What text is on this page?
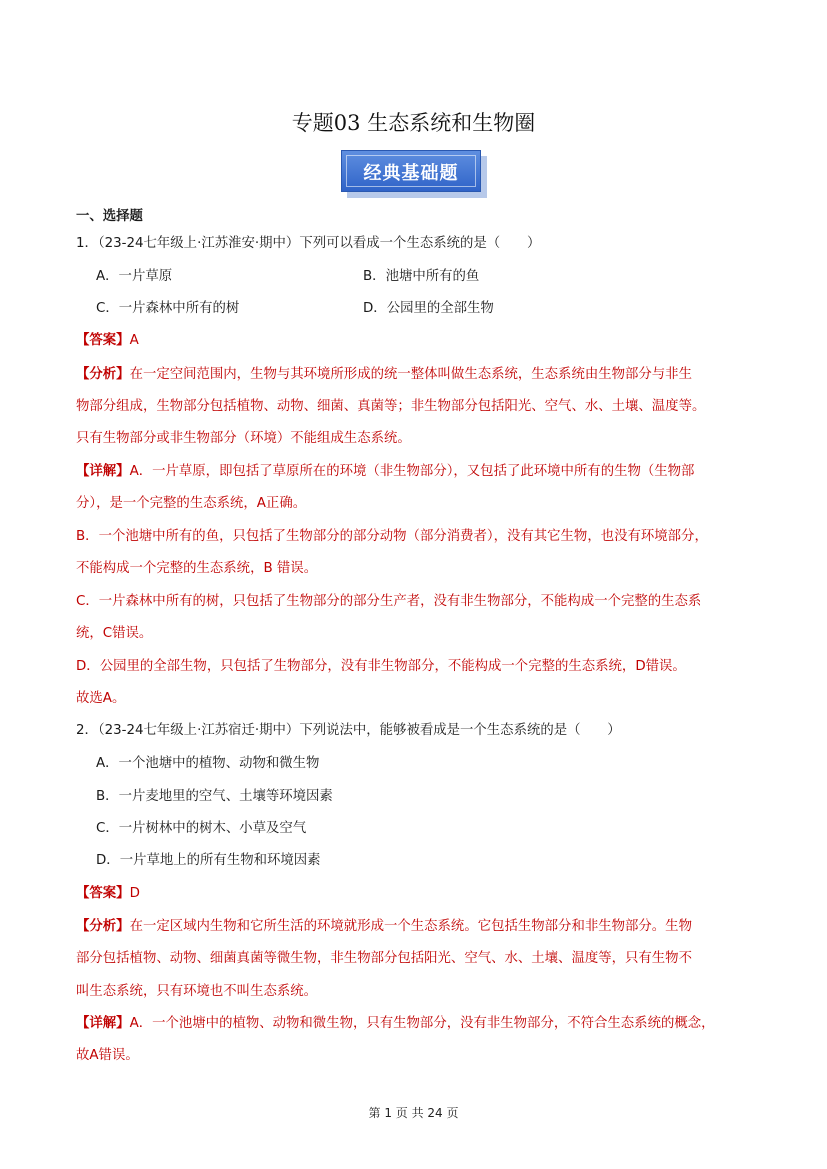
专题03 生态系统和生物圈
经典基础题
一、选择题
1．（23-24七年级上·江苏淮安·期中）下列可以看成一个生态系统的是（　　）
A．一片草原	B．池塘中所有的鱼
C．一片森林中所有的树	D．公园里的全部生物
【答案】A
【分析】在一定空间范围内，生物与其环境所形成的统一整体叫做生态系统，生态系统由生物部分与非生
物部分组成，生物部分包括植物、动物、细菌、真菌等；非生物部分包括阳光、空气、水、土壤、温度等。
只有生物部分或非生物部分（环境）不能组成生态系统。
【详解】A．一片草原，即包括了草原所在的环境（非生物部分），又包括了此环境中所有的生物（生物部
分），是一个完整的生态系统，A正确。
B．一个池塘中所有的鱼，只包括了生物部分的部分动物（部分消费者），没有其它生物，也没有环境部分，
不能构成一个完整的生态系统，B 错误。
C．一片森林中所有的树，只包括了生物部分的部分生产者，没有非生物部分，不能构成一个完整的生态系
统，C错误。
D．公园里的全部生物，只包括了生物部分，没有非生物部分，不能构成一个完整的生态系统，D错误。
故选A。
2．（23-24七年级上·江苏宿迁·期中）下列说法中，能够被看成是一个生态系统的是（　　）
A．一个池塘中的植物、动物和微生物
B．一片麦地里的空气、土壤等环境因素
C．一片树林中的树木、小草及空气
D．一片草地上的所有生物和环境因素
【答案】D
【分析】在一定区域内生物和它所生活的环境就形成一个生态系统。它包括生物部分和非生物部分。生物
部分包括植物、动物、细菌真菌等微生物，非生物部分包括阳光、空气、水、土壤、温度等，只有生物不
叫生态系统，只有环境也不叫生态系统。
【详解】A．一个池塘中的植物、动物和微生物，只有生物部分，没有非生物部分，不符合生态系统的概念，
故A错误。
第 1 页 共 24 页
